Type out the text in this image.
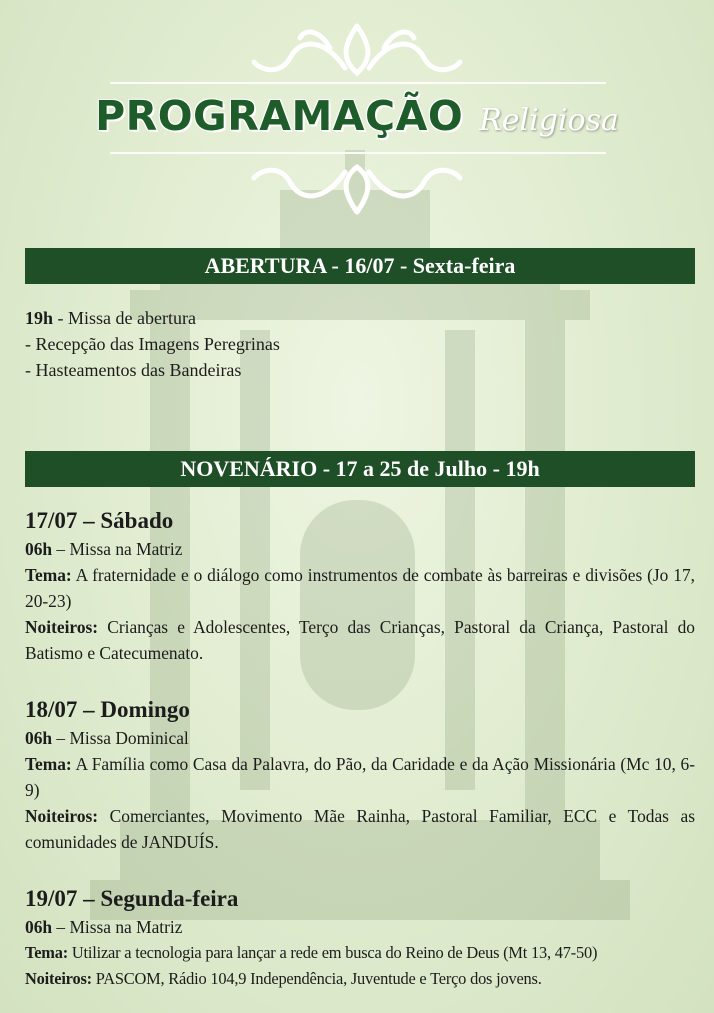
PROGRAMAÇÃO Religiosa
ABERTURA - 16/07 - Sexta-feira

19h - Missa de abertura

- Recepção das Imagens Peregrinas

- Hasteamentos das Bandeiras

NOVENÁRIO - 17 a 25 de Julho - 19h

17/07 – Sábado

06h – Missa na Matriz

Tema: A fraternidade e o diálogo como instrumentos de combate às barreiras e divisões (Jo 17, 20-23)

Noiteiros: Crianças e Adolescentes, Terço das Crianças, Pastoral da Criança, Pastoral do Batismo e Catecumenato.

18/07 – Domingo

06h – Missa Dominical

Tema: A Família como Casa da Palavra, do Pão, da Caridade e da Ação Missionária (Mc 10, 6-9)

Noiteiros: Comerciantes, Movimento Mãe Rainha, Pastoral Familiar, ECC e Todas as comunidades de JANDUÍS.

19/07 – Segunda-feira

06h – Missa na Matriz

Tema: Utilizar a tecnologia para lançar a rede em busca do Reino de Deus (Mt 13, 47-50)

Noiteiros: PASCOM, Rádio 104,9 Independência, Juventude e Terço dos jovens.
